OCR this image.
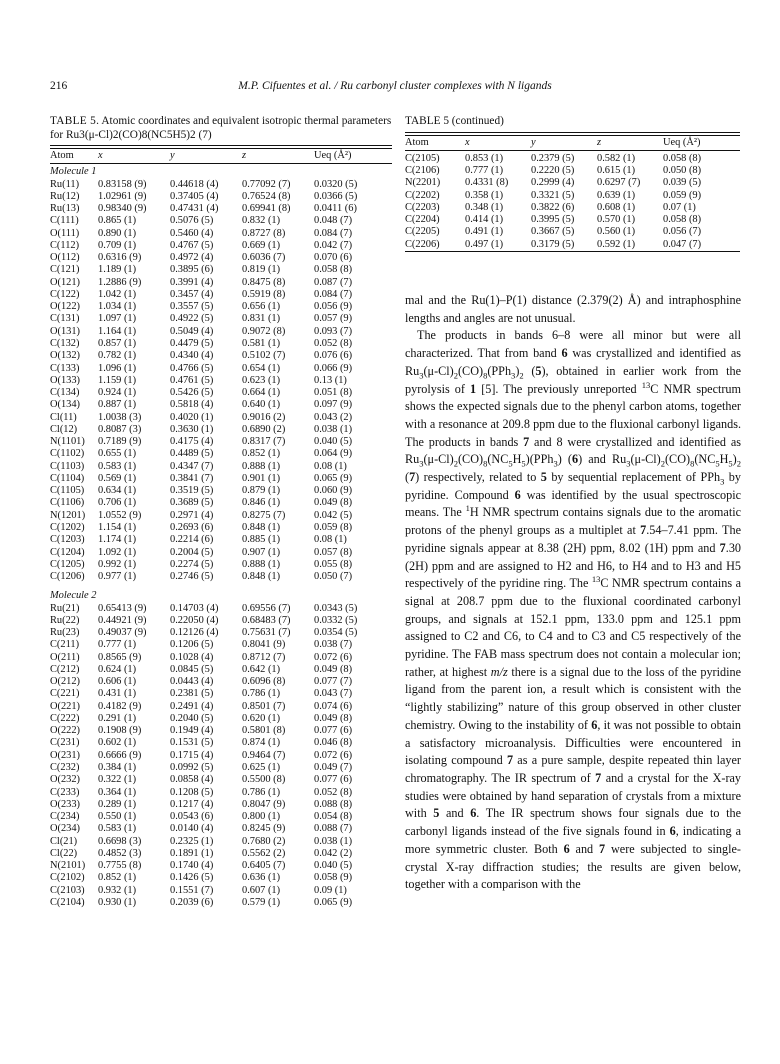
216	M.P. Cifuentes et al. / Ru carbonyl cluster complexes with N ligands
TABLE 5. Atomic coordinates and equivalent isotropic thermal parameters for Ru3(μ-Cl)2(CO)8(NC5H5)2 (7)
Atom	x	y	z	Ueq (Å²)

Molecule 1				
Ru(11)	0.83158 (9)	0.44618 (4)	0.77092 (7)	0.0320 (5)
Ru(12)	1.02961 (9)	0.37405 (4)	0.76524 (8)	0.0366 (5)
Ru(13)	0.98340 (9)	0.47431 (4)	0.69941 (8)	0.0411 (6)
C(111)	0.865 (1)	0.5076 (5)	0.832 (1)	0.048 (7)
O(111)	0.890 (1)	0.5460 (4)	0.8727 (8)	0.084 (7)
C(112)	0.709 (1)	0.4767 (5)	0.669 (1)	0.042 (7)
O(112)	0.6316 (9)	0.4972 (4)	0.6036 (7)	0.070 (6)
C(121)	1.189 (1)	0.3895 (6)	0.819 (1)	0.058 (8)
O(121)	1.2886 (9)	0.3991 (4)	0.8475 (8)	0.087 (7)
C(122)	1.042 (1)	0.3457 (4)	0.5919 (8)	0.084 (7)
O(122)	1.034 (1)	0.3557 (5)	0.656 (1)	0.056 (9)
C(131)	1.097 (1)	0.4922 (5)	0.831 (1)	0.057 (9)
O(131)	1.164 (1)	0.5049 (4)	0.9072 (8)	0.093 (7)
C(132)	0.857 (1)	0.4479 (5)	0.581 (1)	0.052 (8)
O(132)	0.782 (1)	0.4340 (4)	0.5102 (7)	0.076 (6)
C(133)	1.096 (1)	0.4766 (5)	0.654 (1)	0.066 (9)
O(133)	1.159 (1)	0.4761 (5)	0.623 (1)	0.13 (1)
C(134)	0.924 (1)	0.5426 (5)	0.664 (1)	0.051 (8)
O(134)	0.887 (1)	0.5818 (4)	0.640 (1)	0.097 (9)
Cl(11)	1.0038 (3)	0.4020 (1)	0.9016 (2)	0.043 (2)
Cl(12)	0.8087 (3)	0.3630 (1)	0.6890 (2)	0.038 (1)
N(1101)	0.7189 (9)	0.4175 (4)	0.8317 (7)	0.040 (5)
C(1102)	0.655 (1)	0.4489 (5)	0.852 (1)	0.064 (9)
C(1103)	0.583 (1)	0.4347 (7)	0.888 (1)	0.08 (1)
C(1104)	0.569 (1)	0.3841 (7)	0.901 (1)	0.065 (9)
C(1105)	0.634 (1)	0.3519 (5)	0.879 (1)	0.060 (9)
C(1106)	0.706 (1)	0.3689 (5)	0.846 (1)	0.049 (8)
N(1201)	1.0552 (9)	0.2971 (4)	0.8275 (7)	0.042 (5)
C(1202)	1.154 (1)	0.2693 (6)	0.848 (1)	0.059 (8)
C(1203)	1.174 (1)	0.2214 (6)	0.885 (1)	0.08 (1)
C(1204)	1.092 (1)	0.2004 (5)	0.907 (1)	0.057 (8)
C(1205)	0.992 (1)	0.2274 (5)	0.888 (1)	0.055 (8)
C(1206)	0.977 (1)	0.2746 (5)	0.848 (1)	0.050 (7)
Molecule 2				
Ru(21)	0.65413 (9)	0.14703 (4)	0.69556 (7)	0.0343 (5)
Ru(22)	0.44921 (9)	0.22050 (4)	0.68483 (7)	0.0332 (5)
Ru(23)	0.49037 (9)	0.12126 (4)	0.75631 (7)	0.0354 (5)
C(211)	0.777 (1)	0.1206 (5)	0.8041 (9)	0.038 (7)
O(211)	0.8565 (9)	0.1028 (4)	0.8712 (7)	0.072 (6)
C(212)	0.624 (1)	0.0845 (5)	0.642 (1)	0.049 (8)
O(212)	0.606 (1)	0.0443 (4)	0.6096 (8)	0.077 (7)
C(221)	0.431 (1)	0.2381 (5)	0.786 (1)	0.043 (7)
O(221)	0.4182 (9)	0.2491 (4)	0.8501 (7)	0.074 (6)
C(222)	0.291 (1)	0.2040 (5)	0.620 (1)	0.049 (8)
O(222)	0.1908 (9)	0.1949 (4)	0.5801 (8)	0.077 (6)
C(231)	0.602 (1)	0.1531 (5)	0.874 (1)	0.046 (8)
O(231)	0.6666 (9)	0.1715 (4)	0.9464 (7)	0.072 (6)
C(232)	0.384 (1)	0.0992 (5)	0.625 (1)	0.049 (7)
O(232)	0.322 (1)	0.0858 (4)	0.5500 (8)	0.077 (6)
C(233)	0.364 (1)	0.1208 (5)	0.786 (1)	0.052 (8)
O(233)	0.289 (1)	0.1217 (4)	0.8047 (9)	0.088 (8)
C(234)	0.550 (1)	0.0543 (6)	0.800 (1)	0.054 (8)
O(234)	0.583 (1)	0.0140 (4)	0.8245 (9)	0.088 (7)
Cl(21)	0.6698 (3)	0.2325 (1)	0.7680 (2)	0.038 (1)
Cl(22)	0.4852 (3)	0.1891 (1)	0.5562 (2)	0.042 (2)
N(2101)	0.7755 (8)	0.1740 (4)	0.6405 (7)	0.040 (5)
C(2102)	0.852 (1)	0.1426 (5)	0.636 (1)	0.058 (9)
C(2103)	0.932 (1)	0.1551 (7)	0.607 (1)	0.09 (1)
C(2104)	0.930 (1)	0.2039 (6)	0.579 (1)	0.065 (9)
TABLE 5 (continued)
Atom	x	y	z	Ueq (Å²)

C(2105)	0.853 (1)	0.2379 (5)	0.582 (1)	0.058 (8)
C(2106)	0.777 (1)	0.2220 (5)	0.615 (1)	0.050 (8)
N(2201)	0.4331 (8)	0.2999 (4)	0.6297 (7)	0.039 (5)
C(2202)	0.358 (1)	0.3321 (5)	0.639 (1)	0.059 (9)
C(2203)	0.348 (1)	0.3822 (6)	0.608 (1)	0.07 (1)
C(2204)	0.414 (1)	0.3995 (5)	0.570 (1)	0.058 (8)
C(2205)	0.491 (1)	0.3667 (5)	0.560 (1)	0.056 (7)
C(2206)	0.497 (1)	0.3179 (5)	0.592 (1)	0.047 (7)

mal and the Ru(1)–P(1) distance (2.379(2) Å) and intraphosphine lengths and angles are not unusual.

The products in bands 6–8 were all minor but were all characterized. That from band 6 was crystallized and identified as $Ru_3(\mu-Cl)_2(CO)_8(PPh_3)_2$ (5), obtained in earlier work from the pyrolysis of 1 [5]. The previously unreported $^{13}$C NMR spectrum shows the expected signals due to the phenyl carbon atoms, together with a resonance at 209.8 ppm due to the fluxional carbonyl ligands. The products in bands 7 and 8 were crystallized and identified as $Ru_3(\mu-Cl)_2(CO)_8(NC_5H_5)(PPh_3)$ (6) and $Ru_3(\mu-Cl)_2(CO)_8(NC_5H_5)_2$ (7) respectively, related to 5 by sequential replacement of PPh$_3$ by pyridine. Compound 6 was identified by the usual spectroscopic means. The $^1$H NMR spectrum contains signals due to the aromatic protons of the phenyl groups as a multiplet at 7.54–7.41 ppm. The pyridine signals appear at 8.38 (2H) ppm, 8.02 (1H) ppm and 7.30 (2H) ppm and are assigned to H2 and H6, to H4 and to H3 and H5 respectively of the pyridine ring. The $^{13}$C NMR spectrum contains a signal at 208.7 ppm due to the fluxional coordinated carbonyl groups, and signals at 152.1 ppm, 133.0 ppm and 125.1 ppm assigned to C2 and C6, to C4 and to C3 and C5 respectively of the pyridine. The FAB mass spectrum does not contain a molecular ion; rather, at highest m/z there is a signal due to the loss of the pyridine ligand from the parent ion, a result which is consistent with the “lightly stabilizing” nature of this group observed in other cluster chemistry. Owing to the instability of 6, it was not possible to obtain a satisfactory microanalysis. Difficulties were encountered in isolating compound 7 as a pure sample, despite repeated thin layer chromatography. The IR spectrum of 7 and a crystal for the X-ray studies were obtained by hand separation of crystals from a mixture with 5 and 6. The IR spectrum shows four signals due to the carbonyl ligands instead of the five signals found in 6, indicating a more symmetric cluster. Both 6 and 7 were subjected to single-crystal X-ray diffraction studies; the results are given below, together with a comparison with the
